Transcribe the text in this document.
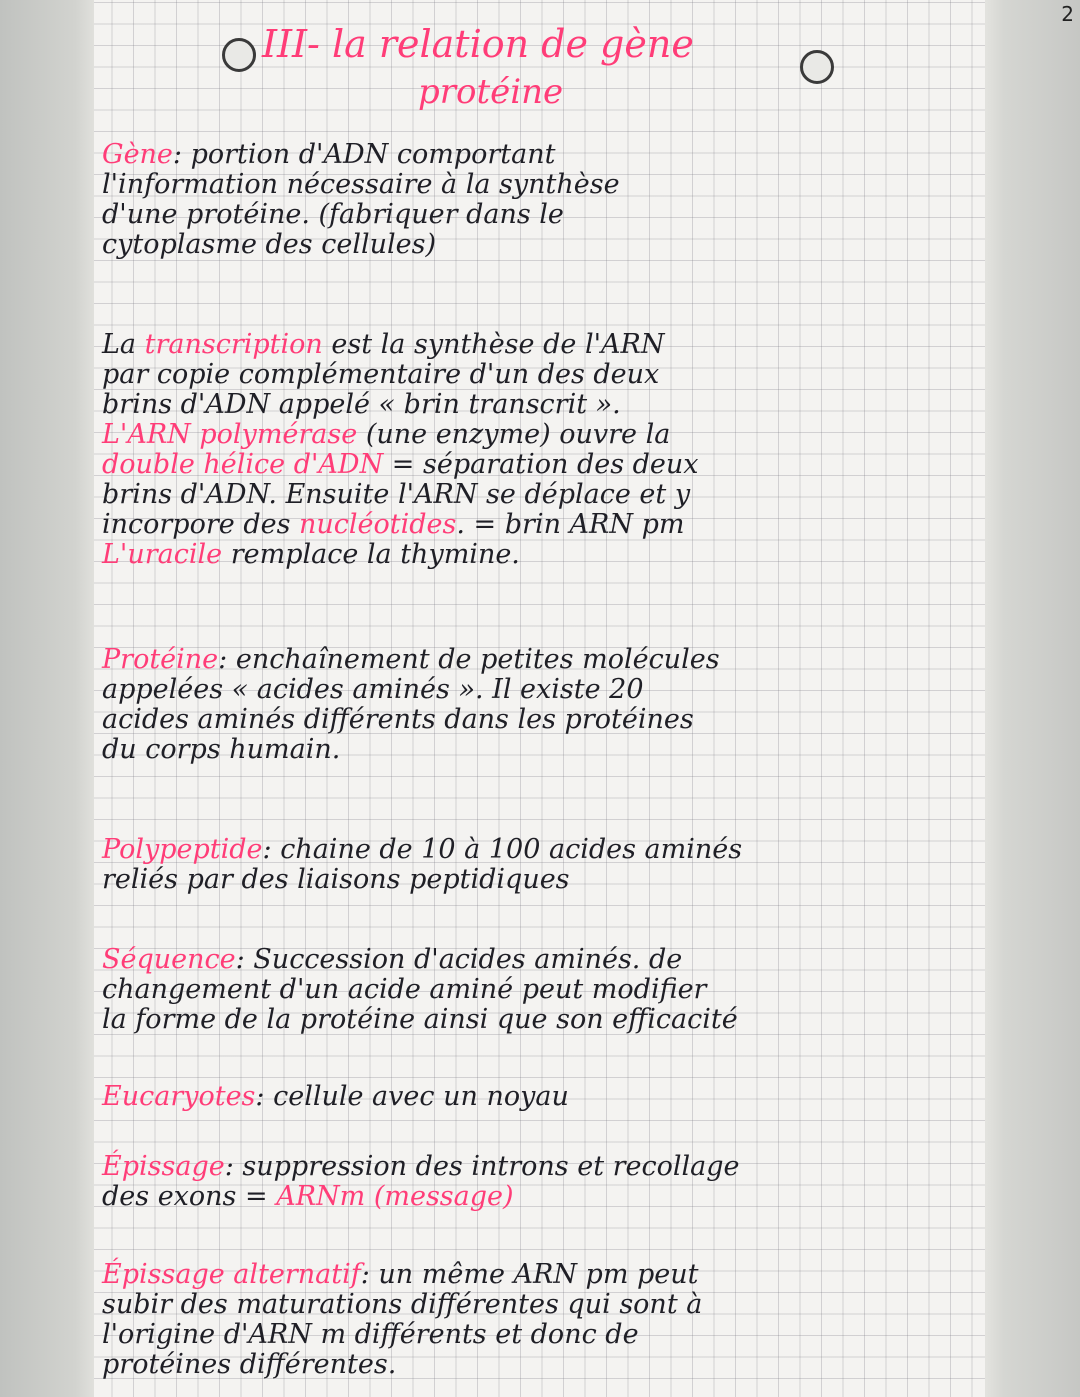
2
III- la relation de gène
protéine
Gène: portion d'ADN comportant
l'information nécessaire à la synthèse
d'une protéine. (fabriquer dans le
cytoplasme des cellules)
La transcription est la synthèse de l'ARN
par copie complémentaire d'un des deux
brins d'ADN appelé « brin transcrit ».
L'ARN polymérase (une enzyme) ouvre la
double hélice d'ADN = séparation des deux
brins d'ADN. Ensuite l'ARN se déplace et y
incorpore des nucléotides. = brin ARN pm
L'uracile remplace la thymine.
Protéine: enchaînement de petites molécules
appelées « acides aminés ». Il existe 20
acides aminés différents dans les protéines
du corps humain.
Polypeptide: chaine de 10 à 100 acides aminés
reliés par des liaisons peptidiques
Séquence: Succession d'acides aminés. de
changement d'un acide aminé peut modifier
la forme de la protéine ainsi que son efficacité
Eucaryotes: cellule avec un noyau
Épissage: suppression des introns et recollage
des exons = ARNm (message)
Épissage alternatif: un même ARN pm peut
subir des maturations différentes qui sont à
l'origine d'ARN m différents et donc de
protéines différentes.
